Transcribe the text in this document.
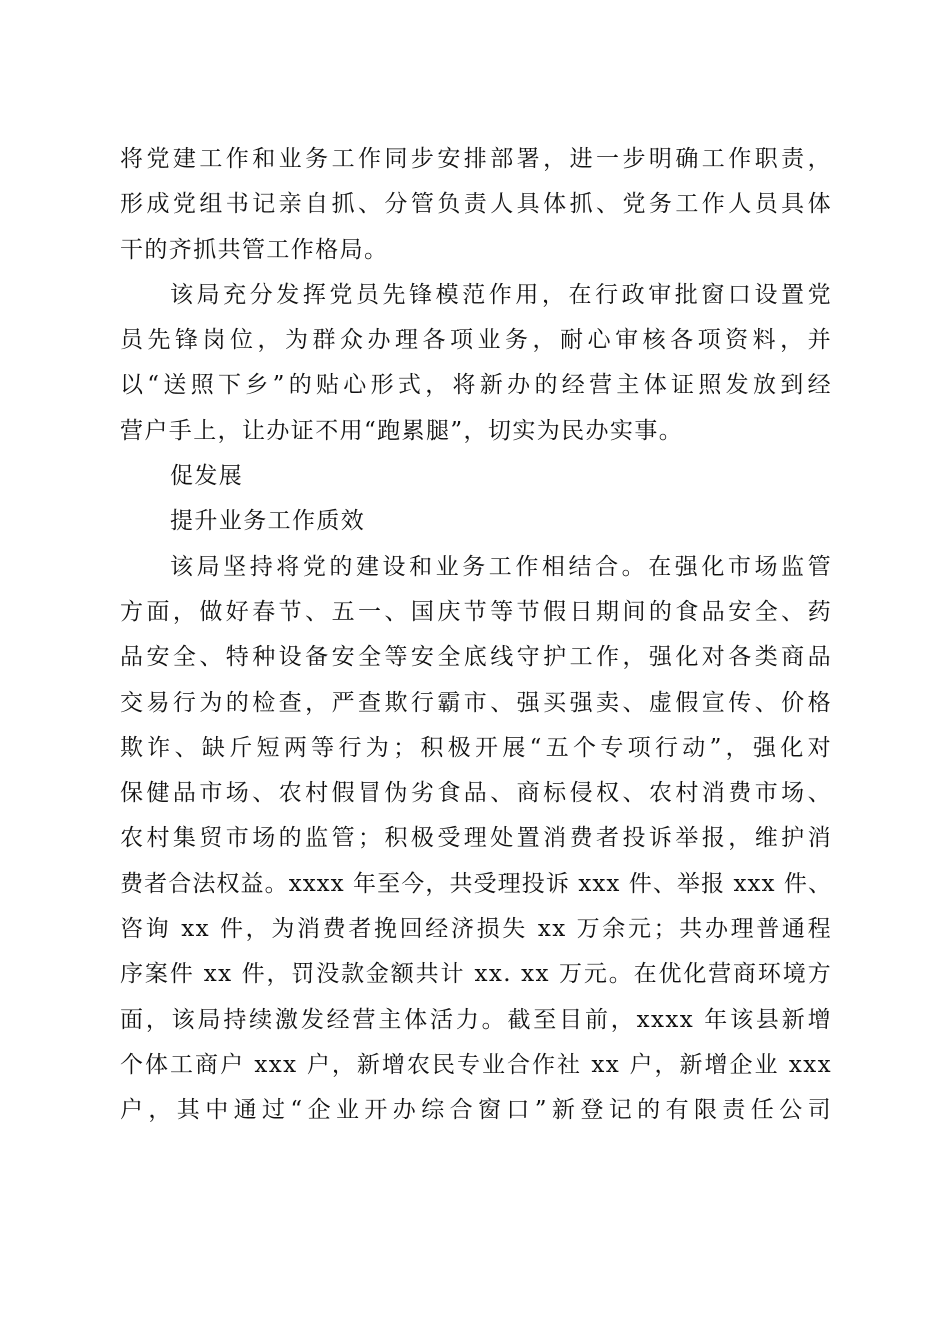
将党建工作和业务工作同步安排部署，进一步明确工作职责，
形成党组书记亲自抓、分管负责人具体抓、党务工作人员具体
干的齐抓共管工作格局。
该局充分发挥党员先锋模范作用，在行政审批窗口设置党
员先锋岗位，为群众办理各项业务，耐心审核各项资料，并
以“送照下乡”的贴心形式，将新办的经营主体证照发放到经
营户手上，让办证不用“跑累腿”，切实为民办实事。
促发展
提升业务工作质效
该局坚持将党的建设和业务工作相结合。在强化市场监管
方面，做好春节、五一、国庆节等节假日期间的食品安全、药
品安全、特种设备安全等安全底线守护工作，强化对各类商品
交易行为的检查，严查欺行霸市、强买强卖、虚假宣传、价格
欺诈、缺斤短两等行为；积极开展“五个专项行动”，强化对
保健品市场、农村假冒伪劣食品、商标侵权、农村消费市场、
农村集贸市场的监管；积极受理处置消费者投诉举报，维护消
费者合法权益。xxxx 年至今，共受理投诉 xxx 件、举报 xxx 件、
咨询 xx 件，为消费者挽回经济损失 xx 万余元；共办理普通程
序案件 xx 件，罚没款金额共计 xx. xx 万元。在优化营商环境方
面，该局持续激发经营主体活力。截至目前，xxxx 年该县新增
个体工商户 xxx 户，新增农民专业合作社 xx 户，新增企业 xxx
户，其中通过“企业开办综合窗口”新登记的有限责任公司
